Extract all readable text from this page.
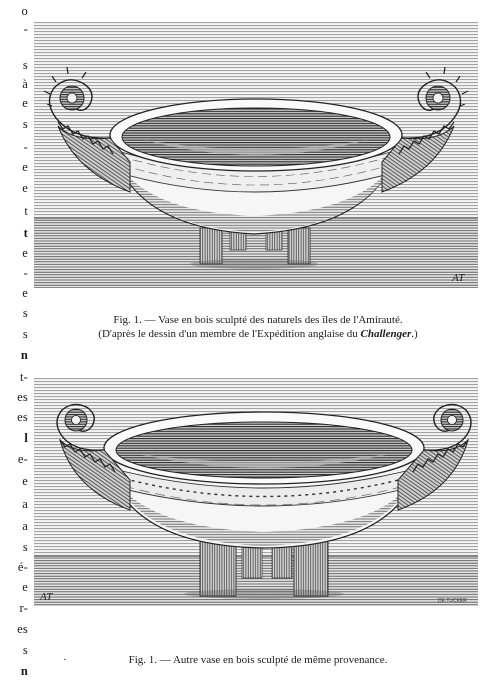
o
-
s
à
e
s
-
e
e
t
t
e
-
e
s
s
n
t-
es
es
l
e-
e
a
a
s
é-
e
r-
es
s
n
AT
Fig. 1. — Vase en bois sculpté des naturels des îles de l'Amirauté.
(D'après le dessin d'un membre de l'Expédition anglaise du Challenger.)
AT	DE.TUCKER
·	Fig. 1. — Autre vase en bois sculpté de même provenance.
